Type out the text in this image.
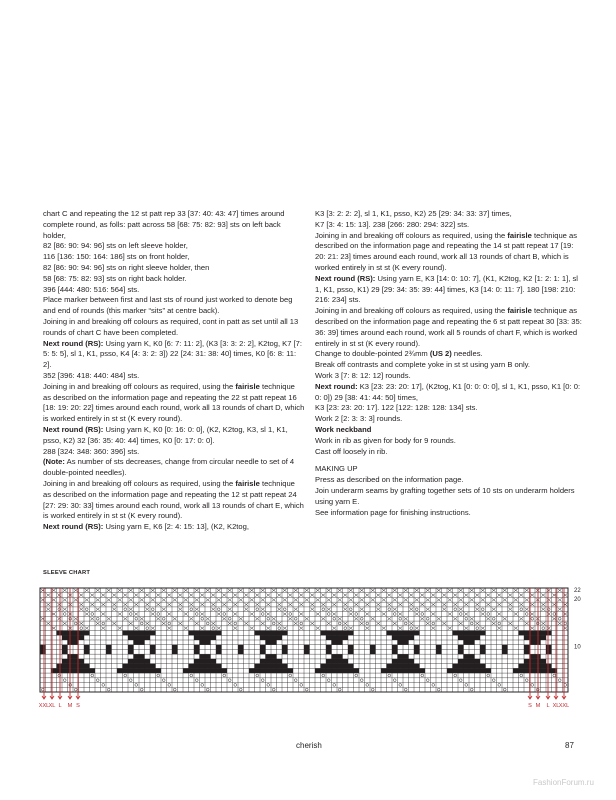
chart C and repeating the 12 st patt rep 33 [37: 40: 43: 47] times around complete round, as folls: patt across 58 [68: 75: 82: 93] sts on left back holder,

82 [86: 90: 94: 96] sts on left sleeve holder,

116 [136: 150: 164: 186] sts on front holder,

82 [86: 90: 94: 96] sts on right sleeve holder, then

58 [68: 75: 82: 93] sts on right back holder.

396 [444: 480: 516: 564] sts.

Place marker between first and last sts of round just worked to denote beg and end of rounds (this marker “sits” at centre back).

Joining in and breaking off colours as required, cont in patt as set until all 13 rounds of chart C have been completed.

Next round (RS): Using yarn K, K0 [6: 7: 11: 2], (K3 [3: 3: 2: 2], K2tog, K7 [7: 5: 5: 5], sl 1, K1, psso, K4 [4: 3: 2: 3]) 22 [24: 31: 38: 40] times, K0 [6: 8: 11: 2].

352 [396: 418: 440: 484] sts.

Joining in and breaking off colours as required, using the fairisle technique as described on the information page and repeating the 22 st patt repeat 16 [18: 19: 20: 22] times around each round, work all 13 rounds of chart D, which is worked entirely in st st (K every round).

Next round (RS): Using yarn K, K0 [0: 16: 0: 0], (K2, K2tog, K3, sl 1, K1, psso, K2) 32 [36: 35: 40: 44] times, K0 [0: 17: 0: 0].

288 [324: 348: 360: 396] sts.

(Note: As number of sts decreases, change from circular needle to set of 4 double-pointed needles).

Joining in and breaking off colours as required, using the fairisle technique as described on the information page and repeating the 12 st patt repeat 24 [27: 29: 30: 33] times around each round, work all 13 rounds of chart E, which is worked entirely in st st (K every round).

Next round (RS): Using yarn E, K6 [2: 4: 15: 13], (K2, K2tog,

K3 [3: 2: 2: 2], sl 1, K1, psso, K2) 25 [29: 34: 33: 37] times,

K7 [3: 4: 15: 13]. 238 [266: 280: 294: 322] sts.

Joining in and breaking off colours as required, using the fairisle technique as described on the information page and repeating the 14 st patt repeat 17 [19: 20: 21: 23] times around each round, work all 13 rounds of chart B, which is worked entirely in st st (K every round).

Next round (RS): Using yarn E, K3 [14: 0: 10: 7], (K1, K2tog, K2 [1: 2: 1: 1], sl 1, K1, psso, K1) 29 [29: 34: 35: 39: 44] times, K3 [14: 0: 11: 7]. 180 [198: 210: 216: 234] sts.

Joining in and breaking off colours as required, using the fairisle technique as described on the information page and repeating the 6 st patt repeat 30 [33: 35: 36: 39] times around each round, work all 5 rounds of chart F, which is worked entirely in st st (K every round).

Change to double-pointed 2¾mm (US 2) needles.

Break off contrasts and complete yoke in st st using yarn B only.

Work 3 [7: 8: 12: 12] rounds.

Next round: K3 [23: 23: 20: 17], (K2tog, K1 [0: 0: 0: 0], sl 1, K1, psso, K1 [0: 0: 0: 0]) 29 [38: 41: 44: 50] times,

K3 [23: 23: 20: 17]. 122 [122: 128: 128: 134] sts.

Work 2 [2: 3: 3: 3] rounds.

Work neckband

Work in rib as given for body for 9 rounds.

Cast off loosely in rib.

MAKING UP

Press as described on the information page.

Join underarm seams by grafting together sets of 10 sts on underarm holders using yarn E.

See information page for finishing instructions.

SLEEVE CHART
22
20
10
XXL XL L M S	S M L XL XXL
cherish	87
FashionForum.ru
